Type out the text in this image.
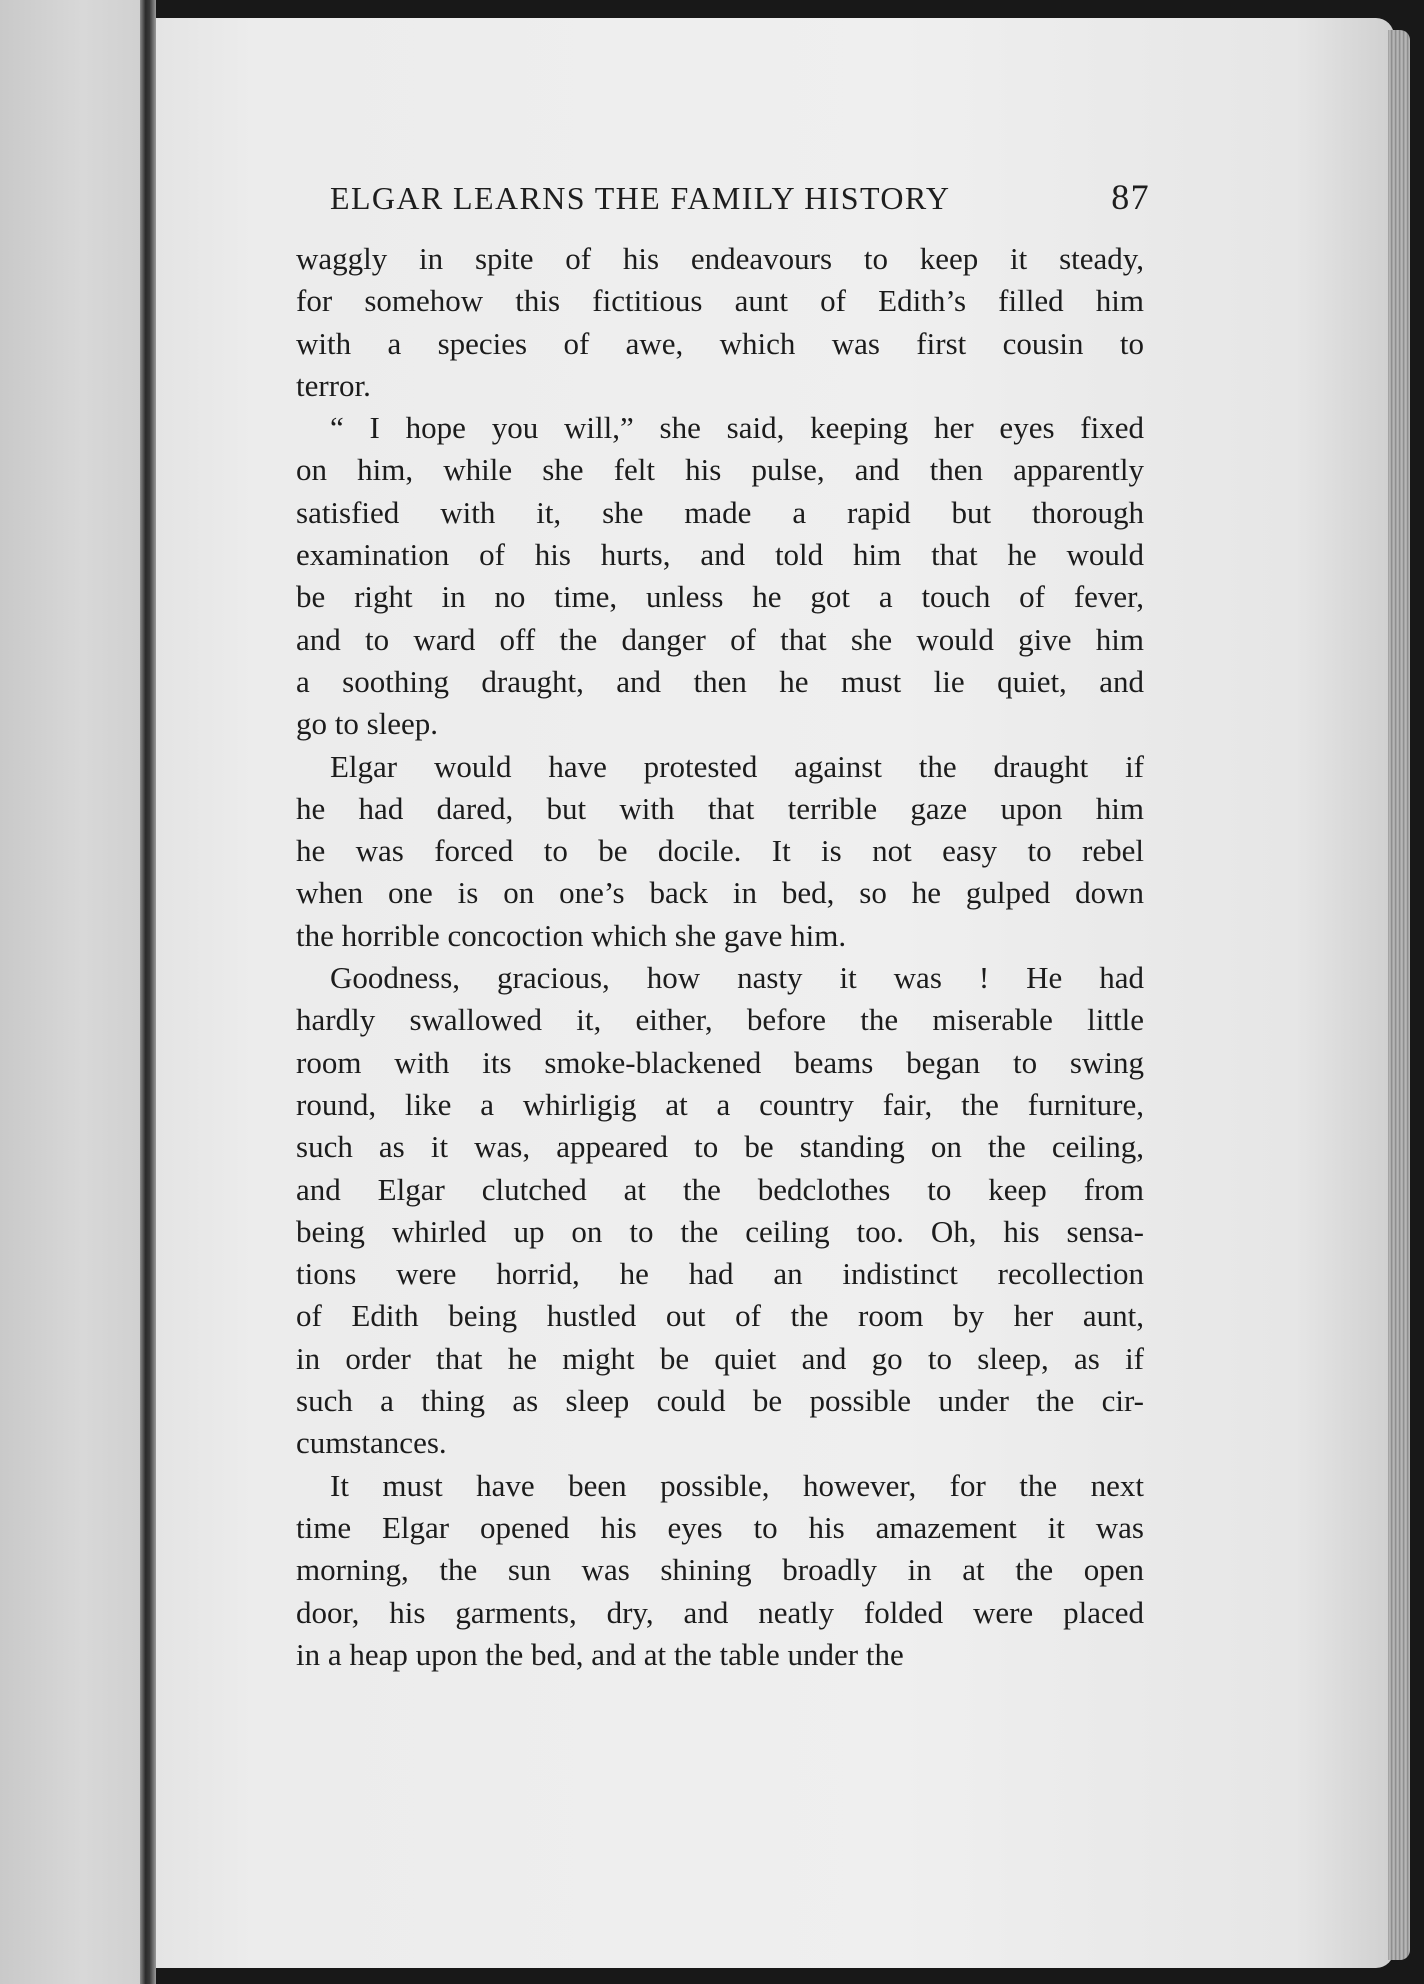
ELGAR LEARNS THE FAMILY HISTORY	87
waggly in spite of his endeavours to keep it steady,
for somehow this fictitious aunt of Edith’s filled him
with a species of awe, which was first cousin to
terror.
“ I hope you will,” she said, keeping her eyes fixed
on him, while she felt his pulse, and then apparently
satisfied with it, she made a rapid but thorough
examination of his hurts, and told him that he would
be right in no time, unless he got a touch of fever,
and to ward off the danger of that she would give him
a soothing draught, and then he must lie quiet, and
go to sleep.
Elgar would have protested against the draught if
he had dared, but with that terrible gaze upon him
he was forced to be docile. It is not easy to rebel
when one is on one’s back in bed, so he gulped down
the horrible concoction which she gave him.
Goodness, gracious, how nasty it was ! He had
hardly swallowed it, either, before the miserable little
room with its smoke-blackened beams began to swing
round, like a whirligig at a country fair, the furniture,
such as it was, appeared to be standing on the ceiling,
and Elgar clutched at the bedclothes to keep from
being whirled up on to the ceiling too. Oh, his sensa-
tions were horrid, he had an indistinct recollection
of Edith being hustled out of the room by her aunt,
in order that he might be quiet and go to sleep, as if
such a thing as sleep could be possible under the cir-
cumstances.
It must have been possible, however, for the next
time Elgar opened his eyes to his amazement it was
morning, the sun was shining broadly in at the open
door, his garments, dry, and neatly folded were placed
in a heap upon the bed, and at the table under the
